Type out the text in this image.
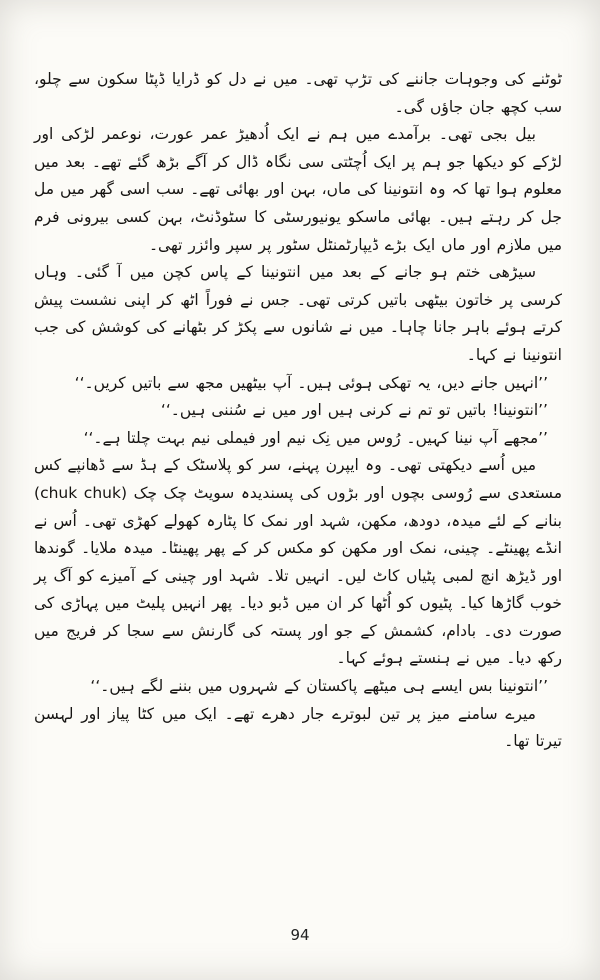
ٹوٹنے کی وجوہات جاننے کی تڑپ تھی۔ میں نے دل کو ڈرایا ڈپٹا سکون سے چلو، سب کچھ جان جاؤں گی۔

بیل بجی تھی۔ برآمدے میں ہم نے ایک اُدھیڑ عمر عورت، نوعمر لڑکی اور لڑکے کو دیکھا جو ہم پر ایک اُچٹتی سی نگاہ ڈال کر آگے بڑھ گئے تھے۔ بعد میں معلوم ہوا تھا کہ وہ انتونینا کی ماں، بہن اور بھائی تھے۔ سب اسی گھر میں مل جل کر رہتے ہیں۔ بھائی ماسکو یونیورسٹی کا سٹوڈنٹ، بہن کسی بیرونی فرم میں ملازم اور ماں ایک بڑے ڈیپارٹمنٹل سٹور پر سپر وائزر تھی۔

سیڑھی ختم ہو جانے کے بعد میں انتونینا کے پاس کچن میں آ گئی۔ وہاں کرسی پر خاتون بیٹھی باتیں کرتی تھی۔ جس نے فوراً اٹھ کر اپنی نشست پیش کرتے ہوئے باہر جانا چاہا۔ میں نے شانوں سے پکڑ کر بٹھانے کی کوشش کی جب انتونینا نے کہا۔

’’انہیں جانے دیں، یہ تھکی ہوئی ہیں۔ آپ بیٹھیں مجھ سے باتیں کریں۔‘‘

’’انتونینا! باتیں تو تم نے کرنی ہیں اور میں نے سُننی ہیں۔‘‘

’’مجھے آپ نینا کہیں۔ رُوس میں نِک نیم اور فیملی نیم بہت چلتا ہے۔‘‘

میں اُسے دیکھتی تھی۔ وہ ایپرن پہنے، سر کو پلاسٹک کے ہڈ سے ڈھانپے کس مستعدی سے رُوسی بچوں اور بڑوں کی پسندیدہ سویٹ چک چک (chuk chuk) بنانے کے لئے میدہ، دودھ، مکھن، شہد اور نمک کا پٹارہ کھولے کھڑی تھی۔ اُس نے انڈے پھینٹے۔ چینی، نمک اور مکھن کو مکس کر کے پھر پھینٹا۔ میدہ ملایا۔ گوندھا اور ڈیڑھ انچ لمبی پٹیاں کاٹ لیں۔ انہیں تلا۔ شہد اور چینی کے آمیزے کو آگ پر خوب گاڑھا کیا۔ پٹیوں کو اُٹھا کر ان میں ڈبو دیا۔ پھر انہیں پلیٹ میں پہاڑی کی صورت دی۔ بادام، کشمش کے جو اور پستہ کی گارنش سے سجا کر فریج میں رکھ دیا۔ میں نے ہنستے ہوئے کہا۔

’’انتونینا بس ایسے ہی میٹھے پاکستان کے شہروں میں بننے لگے ہیں۔‘‘

میرے سامنے میز پر تین لبوترے جار دھرے تھے۔ ایک میں کٹا پیاز اور لہسن تیرتا تھا۔

94
